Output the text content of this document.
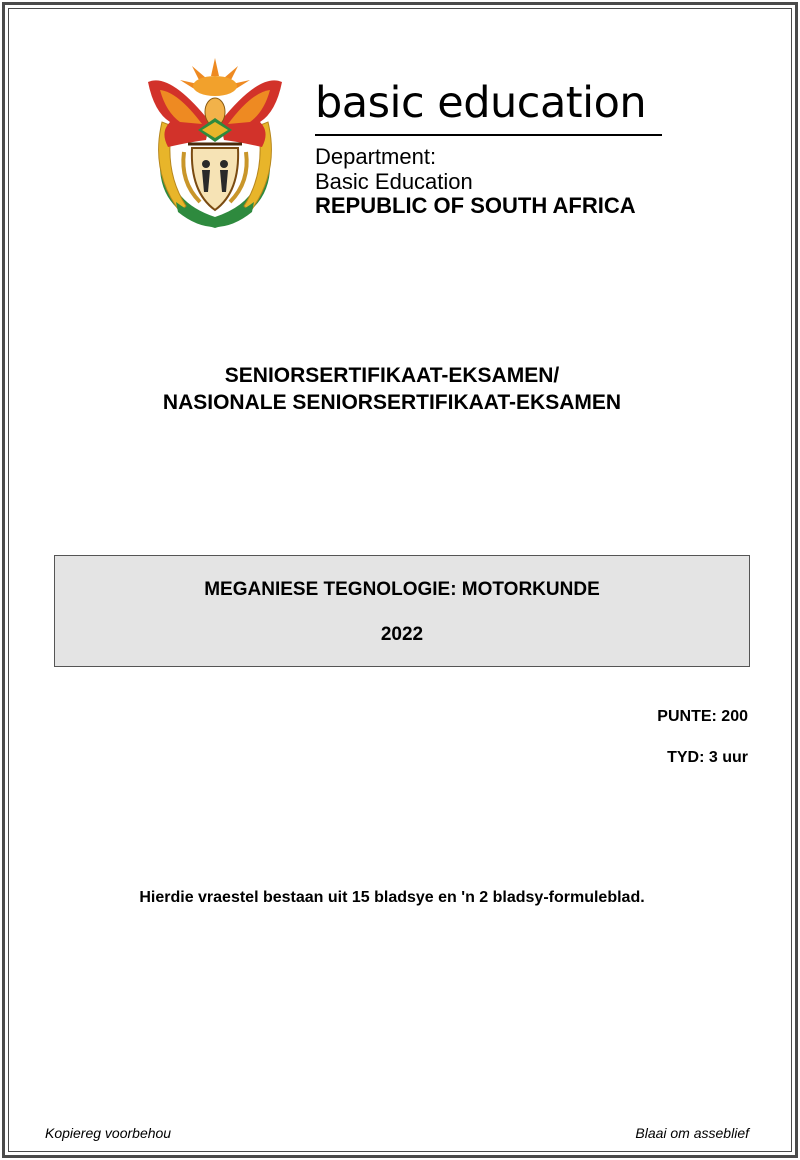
basic education
Department:
Basic Education
REPUBLIC OF SOUTH AFRICA
SENIORSERTIFIKAAT-EKSAMEN/
NASIONALE SENIORSERTIFIKAAT-EKSAMEN
MEGANIESE TEGNOLOGIE: MOTORKUNDE
2022
PUNTE: 200
TYD: 3 uur
Hierdie vraestel bestaan uit 15 bladsye en 'n 2 bladsy-formuleblad.
Kopiereg voorbehou	Blaai om asseblief
